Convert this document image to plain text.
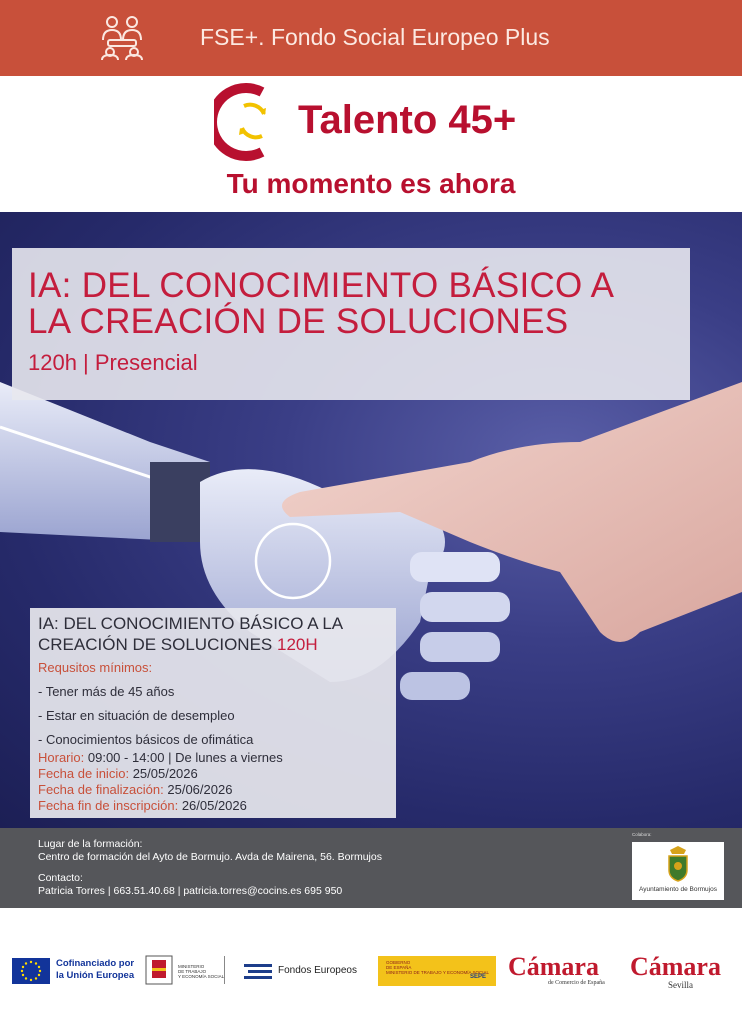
FSE+. Fondo Social Europeo Plus
Talento 45+
Tu momento es ahora
IA: DEL CONOCIMIENTO BÁSICO A
LA CREACIÓN DE SOLUCIONES
120h | Presencial
IA: DEL CONOCIMIENTO BÁSICO A LA
CREACIÓN DE SOLUCIONES 120H
Requsitos mínimos:
- Tener más de 45 años
- Estar en situación de desempleo
- Conocimientos básicos de ofimática
Horario: 09:00 - 14:00 | De lunes a viernes
Fecha de inicio: 25/05/2026
Fecha de finalización: 25/06/2026
Fecha fin de inscripción: 26/05/2026
Lugar de la formación:
Centro de formación del Ayto de Bormujo. Avda de Mairena, 56. Bormujos
Contacto:
Patricia Torres | 663.51.40.68 | patricia.torres@cocins.es 695 950
Colabora:
Ayuntamiento de Bormujos
Cofinanciado por
la Unión Europea
MINISTERIO
DE TRABAJO
Y ECONOMÍA SOCIAL
Fondos Europeos
GOBIERNO
DE ESPAÑA
MINISTERIO DE TRABAJO Y ECONOMÍA SOCIAL
SEPE Cámara
de Comercio de España
Cámara
Sevilla
